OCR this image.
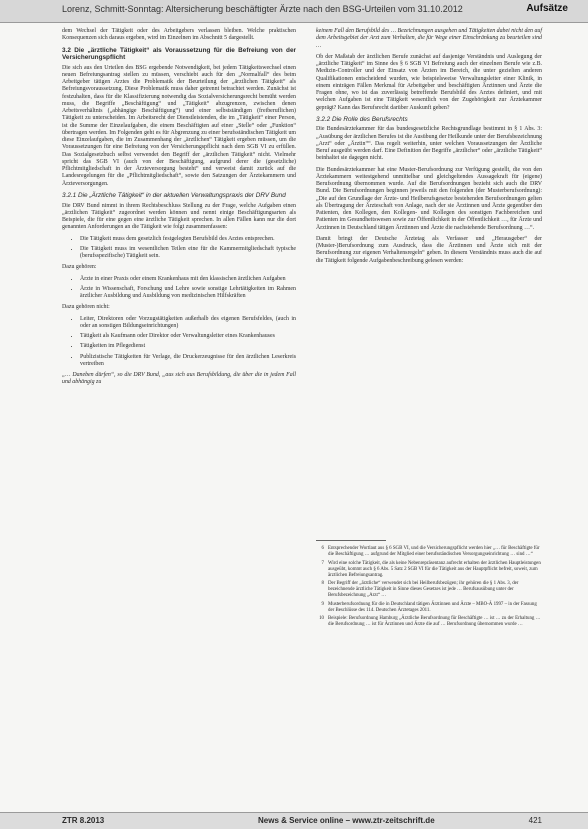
Lorenz, Schmitt-Sonntag: Altersicherung beschäftigter Ärzte nach den BSG-Urteilen vom 31.10.2012	Aufsätze

dem Wechsel der Tätigkeit oder des Arbeitgebers verlassen bleiben. Welche praktischen Konsequenzen sich daraus ergeben, wird im Einzelnen im Abschnitt 5 dargestellt.

3.2 Die „ärztliche Tätigkeit“ als Voraussetzung für die Befreiung von der Versicherungspflicht

Die sich aus den Urteilen des BSG ergebende Notwendigkeit, bei jedem Tätigkeitswechsel einen neuen Befreiungsantrag stellen zu müssen, verschiebt auch für den „Normalfall“ des beim Arbeitgeber tätigen Arztes die Problematik der Beurteilung der „ärztlichen Tätigkeit“ als Befreiungsvoraussetzung. Diese Problematik muss daher getrennt betrachtet werden. Zunächst ist festzuhalten, dass für die Klassifizierung notwendig das Sozialversicherungsrecht bemüht werden muss, die Begriffe „Beschäftigung“ und „Tätigkeit“ abzugrenzen, zwischen denen Arbeitsverhältnis („abhängige Beschäftigung“) und einer selbstständigen (freiberuflichen) Tätigkeit zu unterscheiden. Im Arbeitsrecht der Dienstleistenden, die im „Tätigkeit“ einer Person, ist die Summe der Einzelaufgaben, die einem Beschäftigten auf einer „Stelle“ oder „Funktion“ übertragen werden. Im Folgenden geht es für Abgrenzung zu einer berufsständischen Tätigkeit um diese Einzelaufgaben, die im Zusammenhang der „ärztlichen“ Tätigkeit ergeben müssen, um die Voraussetzungen für eine Befreiung von der Versicherungspflicht nach dem SGB VI zu erfüllen. Das Sozialgesetzbuch selbst verwendet den Begriff der „ärztlichen Tätigkeit“ nicht. Vielmehr spricht das SGB VI (auch von der Beschäftigung, aufgrund derer die (gesetzliche) Pflichtmitgliedschaft in der Ärzteversorgung besteht“ und verweist damit zurück auf die Landesregelungen für die „Pflichtmitgliedschaft“, sowie den Satzungen der Ärztekammern und Ärzteversorgungen.

3.2.1 Die „Ärztliche Tätigkeit“ in der aktuellen Verwaltungspraxis der DRV Bund

Die DRV Bund nimmt in ihrem Rechtsbeschluss Stellung zu der Frage, welche Aufgaben einen „ärztlichen Tätigkeit“ zugeordnet werden können und nennt einige Beschäftigungsarten als Beispiele, die für eine gegen eine ärztliche Tätigkeit sprechen. In allen Fällen kann nur die dort genannten Anforderungen an die Tätigkeit wie folgt zusammenfassen:

• Die Tätigkeit muss dem gesetzlich festgelegten Berufsbild des Arztes entsprechen.
• Die Tätigkeit muss im wesentlichen Teilen eine für die Kammermitgliedschaft typische (berufsspezifische) Tätigkeit sein.

Dazu gehören:

• Ärzte in einer Praxis oder einem Krankenhaus mit den klassischen ärztlichen Aufgaben
• Ärzte in Wissenschaft, Forschung und Lehre sowie sonstige Lehrtätigkeiten im Rahmen ärztlicher Ausbildung und Ausbildung von medizinischen Hilfskräften

Dazu gehören nicht:

• Leiter, Direktoren oder Vorzugstätigkeiten außerhalb des eigenen Berufsfeldes, (auch in oder an sonstigen Bildungseinrichtungen)
• Tätigkeit als Kaufmann oder Direktor oder Verwaltungsleiter eines Krankenhauses
• Tätigkeiten im Pflegedienst
• Publizistische Tätigkeiten für Verlage, die Druckerzeugnisse für den ärztlichen Leserkreis vertreiben

„… Daneben dürfen“, so die DRV Bund, „aus sich aus Berufsbildung, die über die in jedem Fall und abhängig zu

keinem Fall den Berufsbild des … Bezeichnungen ausgehen und Tätigkeiten dabei nicht den auf dem Arbeitsgebiet der Arzt zum Verhalten, die für Wege einer Einschränkung zu beurteilen sind …

Ob der Maßstab der ärztlichen Berufe zunächst auf dasjenige Verständnis und Auslegung der „ärztliche Tätigkeit“ im Sinne des § 6 SGB VI Befreiung auch der einzelnen Berufe wie z.B. Medizin-Controller und der Einsatz von Ärzten im Bereich, die unter gezielten anderen Qualifikationen entscheidend wurden, wie beispielsweise Verwaltungsleiter einer Klinik, in einem einträgen Fällen Merkmal für Arbeitgeber und beschäftigten Ärztinnen und Ärzte die Fragen ohne, wo ist das zuverlässig betreffende Berufsbild des Arztes definiert, und mit welchen Aufgaben ist eine Tätigkeit wesentlich von der Zugehörigkeit zur Ärztekammer geprägt? Kann das Berufsrecht darüber Auskunft geben?

3.2.2 Die Rolle des Berufsrechts

Die Bundesärztekammer für das bundesgesetzliche Rechtsgrundlage bestimmt in § 1 Abs. 3: „Ausübung der ärztlichen Berufes ist die Ausübung der Heilkunde unter der Berufsbezeichnung „Arzt“ oder „Ärztin““. Das regelt weiterhin, unter welchen Voraussetzungen der Ärztliche Beruf ausgeübt werden darf. Eine Definition der Begriffe „ärztlicher“ oder „ärztliche Tätigkeit“ beinhaltet sie dagegen nicht.

Die Bundesärztekammer hat eine Muster-Berufsordnung zur Verfügung gestellt, die von den Ärztekammern weitestgehend unmittelbar und gleichgeltendes Aussagekraft für (eigene) Berufsordnung übernommen wurde. Auf die Berufsordnungen bezieht sich auch die DRV Bund. Die Berufsordnungen beginnen jeweils mit den folgenden (der Musterberufsordnung): „Die auf den Grundlage der Ärzte- und Heilberufsgesetze bestehenden Berufsordnungen gelten als Übertragung der Ärzteschaft von Anlage, nach der sie Ärztinnen und Ärzte gegenüber den Patienten, den Kollegen, den Kollegen- und Kollegen des sonstigen Fachbereichen und Patienten im Gesundheitswesen sowie zur Öffentlichkeit in der Öffentlichkeit …, für Ärzte und Ärztinnen in Deutschland tätigen Ärztinnen und Ärzte die nachstehende Berufsordnung …“.

Damit bringt der Deutsche Ärztetag als Verfasser und „Herausgeber“ der (Muster-)Berufsordnung zum Ausdruck, dass die Ärztinnen und Ärzte sich mit der Berufsordnung zur eigenen Verhaltensregeln“ geben. In diesem Verständnis muss auch die auf die Tätigkeit folgende Aufgabenbeschreibung gelesen werden:

6 Entsprechender Wortlaut aus § 6 SGB VI, und die Versicherungspflicht werden hier „… für Beschäftigte für die Beschäftigung … aufgrund der Mitglied einer berufsständischen Versorgungseinrichtung … sind …“
7 Wird eine solche Tätigkeit, die als keine Nebenrepräsentanz aufrecht erhalten der ärztlichen Hauptleistungen ausgeübt, kommt auch § 6 Abs. 5 Satz 2 SGB VI für die Tätigkeit aus der Hauptpflicht befreit, soweit, zum ärztlichen Befreiungsantrag.
8 Der Begriff der „ärztliche“ verwendet sich bei Heilberufsbezügen; ihr gehören die § 1 Abs. 3, der bezeichnende ärztliche Tätigkeit in Sinne dieses Gesetzes ist jede … Berufsausübung unter der Berufsbezeichnung „Arzt“ …
9 Musterberufsordnung für die in Deutschland tätigen Ärztinnen und Ärzte – MBO-Ä 1997 – in der Fassung der Beschlüsse des 114. Deutschen Ärztetages 2011.
10 Beispiele: Berufsordnung Hamburg „Ärztliche Berufsordnung für Beschäftigte … ist … zu der Erhaltung … die Berufsordnung … ist für Ärztinnen und Ärzte die auf … Berufsordnung übernommen wurde …
ZTR 8.2013	News & Service online – www.ztr-zeitschrift.de	421
